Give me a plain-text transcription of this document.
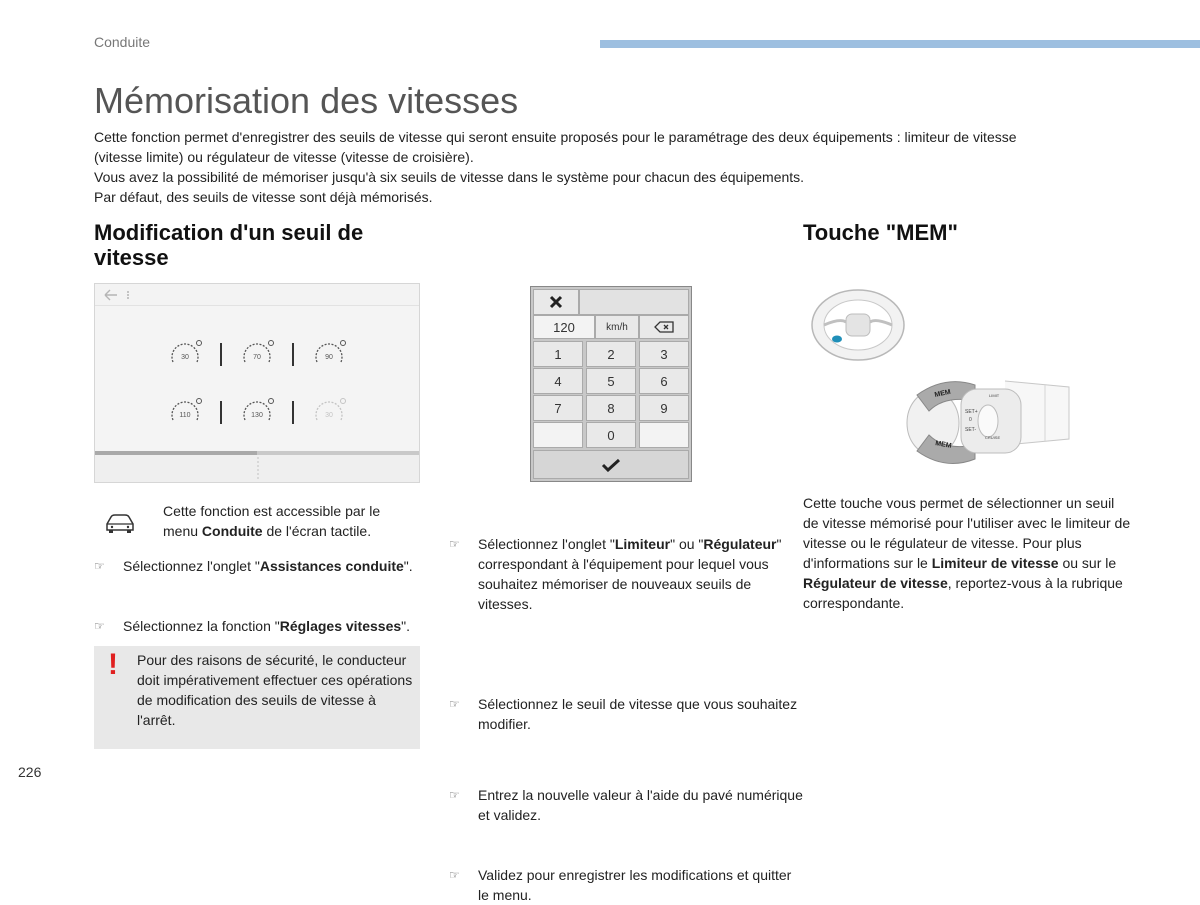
Conduite
Mémorisation des vitesses
Cette fonction permet d'enregistrer des seuils de vitesse qui seront ensuite proposés pour le paramétrage des deux équipements : limiteur de vitesse
(vitesse limite) ou régulateur de vitesse (vitesse de croisière).
Vous avez la possibilité de mémoriser jusqu'à six seuils de vitesse dans le système pour chacun des équipements.
Par défaut, des seuils de vitesse sont déjà mémorisés.
Modification d'un seuil de
vitesse
Touche "MEM"
30	70	90
110	130	30
120	km/h
1	2	3
4	5	6
7	8	9
0
MEM
MEM
SET+
SET-
0
LIMIT
CRUISE
Cette fonction est accessible par le
menu Conduite de l'écran tactile.
☞ Sélectionnez l'onglet "Assistances conduite".
☞ Sélectionnez la fonction "Réglages vitesses".
! Pour des raisons de sécurité, le conducteur doit impérativement effectuer ces opérations de modification des seuils de vitesse à l'arrêt.
☞ Sélectionnez l'onglet "Limiteur" ou "Régulateur" correspondant à l'équipement pour lequel vous souhaitez mémoriser de nouveaux seuils de vitesses.
☞ Sélectionnez le seuil de vitesse que vous souhaitez modifier.
☞ Entrez la nouvelle valeur à l'aide du pavé numérique et validez.
☞ Validez pour enregistrer les modifications et quitter le menu.
Cette touche vous permet de sélectionner un seuil de vitesse mémorisé pour l'utiliser avec le limiteur de vitesse ou le régulateur de vitesse. Pour plus d'informations sur le Limiteur de vitesse ou sur le Régulateur de vitesse, reportez-vous à la rubrique correspondante.
226
